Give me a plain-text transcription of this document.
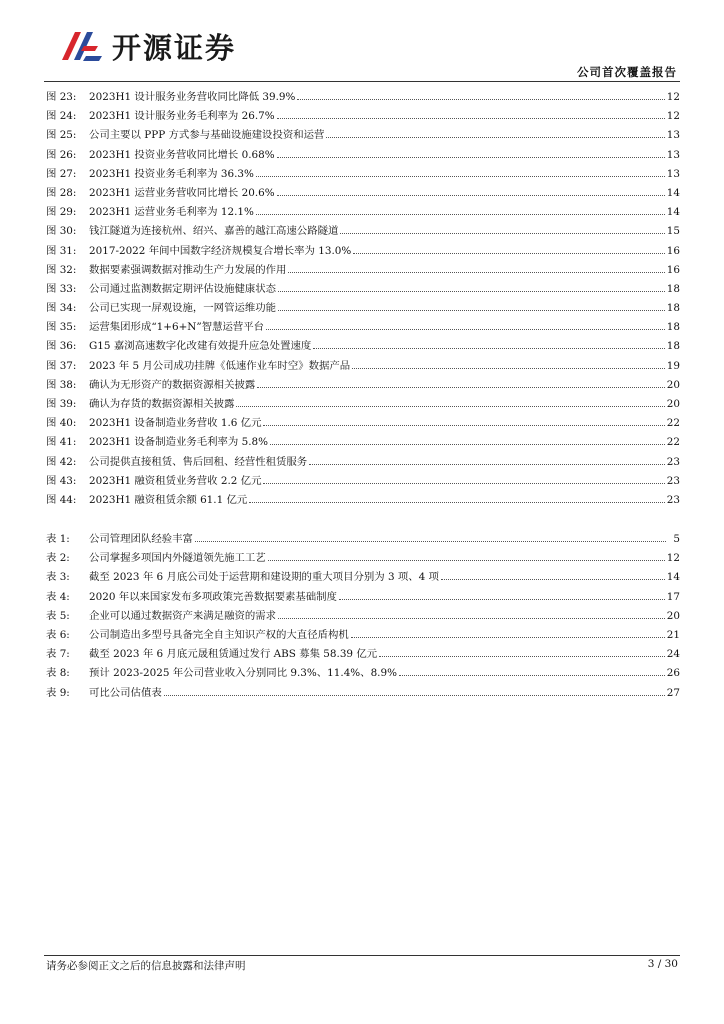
开源证券
公司首次覆盖报告
图 23:	2023H1 设计服务业务营收同比降低 39.9%	12
图 24:	2023H1 设计服务业务毛利率为 26.7%	12
图 25:	公司主要以 PPP 方式参与基础设施建设投资和运营	13
图 26:	2023H1 投资业务营收同比增长 0.68%	13
图 27:	2023H1 投资业务毛利率为 36.3%	13
图 28:	2023H1 运营业务营收同比增长 20.6%	14
图 29:	2023H1 运营业务毛利率为 12.1%	14
图 30:	钱江隧道为连接杭州、绍兴、嘉善的越江高速公路隧道	15
图 31:	2017-2022 年间中国数字经济规模复合增长率为 13.0%	16
图 32:	数据要素强调数据对推动生产力发展的作用	16
图 33:	公司通过监测数据定期评估设施健康状态	18
图 34:	公司已实现一屏观设施，一网管运维功能	18
图 35:	运营集团形成“1+6+N”智慧运营平台	18
图 36:	G15 嘉浏高速数字化改建有效提升应急处置速度	18
图 37:	2023 年 5 月公司成功挂牌《低速作业车时空》数据产品	19
图 38:	确认为无形资产的数据资源相关披露	20
图 39:	确认为存货的数据资源相关披露	20
图 40:	2023H1 设备制造业务营收 1.6 亿元	22
图 41:	2023H1 设备制造业务毛利率为 5.8%	22
图 42:	公司提供直接租赁、售后回租、经营性租赁服务	23
图 43:	2023H1 融资租赁业务营收 2.2 亿元	23
图 44:	2023H1 融资租赁余额 61.1 亿元	23
表 1:	公司管理团队经验丰富	5
表 2:	公司掌握多项国内外隧道领先施工工艺	12
表 3:	截至 2023 年 6 月底公司处于运营期和建设期的重大项目分别为 3 项、4 项	14
表 4:	2020 年以来国家发布多项政策完善数据要素基础制度	17
表 5:	企业可以通过数据资产来满足融资的需求	20
表 6:	公司制造出多型号具备完全自主知识产权的大直径盾构机	21
表 7:	截至 2023 年 6 月底元晟租赁通过发行 ABS 募集 58.39 亿元	24
表 8:	预计 2023-2025 年公司营业收入分别同比 9.3%、11.4%、8.9%	26
表 9:	可比公司估值表	27
请务必参阅正文之后的信息披露和法律声明	3 / 30
